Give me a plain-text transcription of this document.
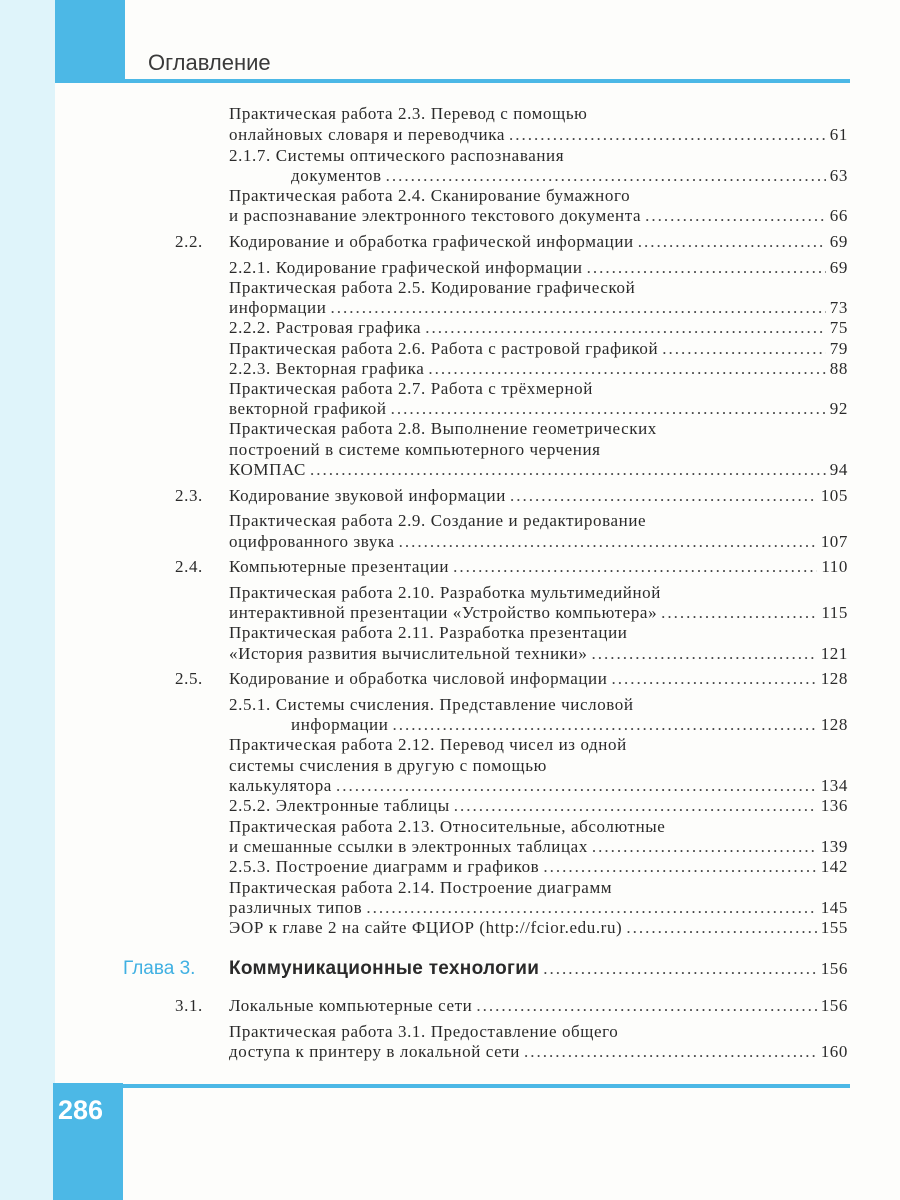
Оглавление
Практическая работа 2.3. Перевод с помощью
онлайновых словаря и переводчика .....	61
2.1.7. Системы оптического распознавания
документов .....	63
Практическая работа 2.4. Сканирование бумажного
и распознавание электронного текстового документа .....	66
2.2. Кодирование и обработка графической информации .....	69
2.2.1. Кодирование графической информации .....	69
Практическая работа 2.5. Кодирование графической
информации .....	73
2.2.2. Растровая графика .....	75
Практическая работа 2.6. Работа с растровой графикой .....	79
2.2.3. Векторная графика .....	88
Практическая работа 2.7. Работа с трёхмерной
векторной графикой .....	92
Практическая работа 2.8. Выполнение геометрических
построений в системе компьютерного черчения
КОМПАС .....	94
2.3. Кодирование звуковой информации .....	105
Практическая работа 2.9. Создание и редактирование
оцифрованного звука .....	107
2.4. Компьютерные презентации .....	110
Практическая работа 2.10. Разработка мультимедийной
интерактивной презентации «Устройство компьютера» .....	115
Практическая работа 2.11. Разработка презентации
«История развития вычислительной техники» .....	121
2.5. Кодирование и обработка числовой информации .....	128
2.5.1. Системы счисления. Представление числовой
информации .....	128
Практическая работа 2.12. Перевод чисел из одной
системы счисления в другую с помощью
калькулятора .....	134
2.5.2. Электронные таблицы .....	136
Практическая работа 2.13. Относительные, абсолютные
и смешанные ссылки в электронных таблицах .....	139
2.5.3. Построение диаграмм и графиков .....	142
Практическая работа 2.14. Построение диаграмм
различных типов .....	145
ЭОР к главе 2 на сайте ФЦИОР (http://fcior.edu.ru) .....	155
Глава 3. Коммуникационные технологии .....	156
3.1. Локальные компьютерные сети .....	156
Практическая работа 3.1. Предоставление общего
доступа к принтеру в локальной сети .....	160
286
